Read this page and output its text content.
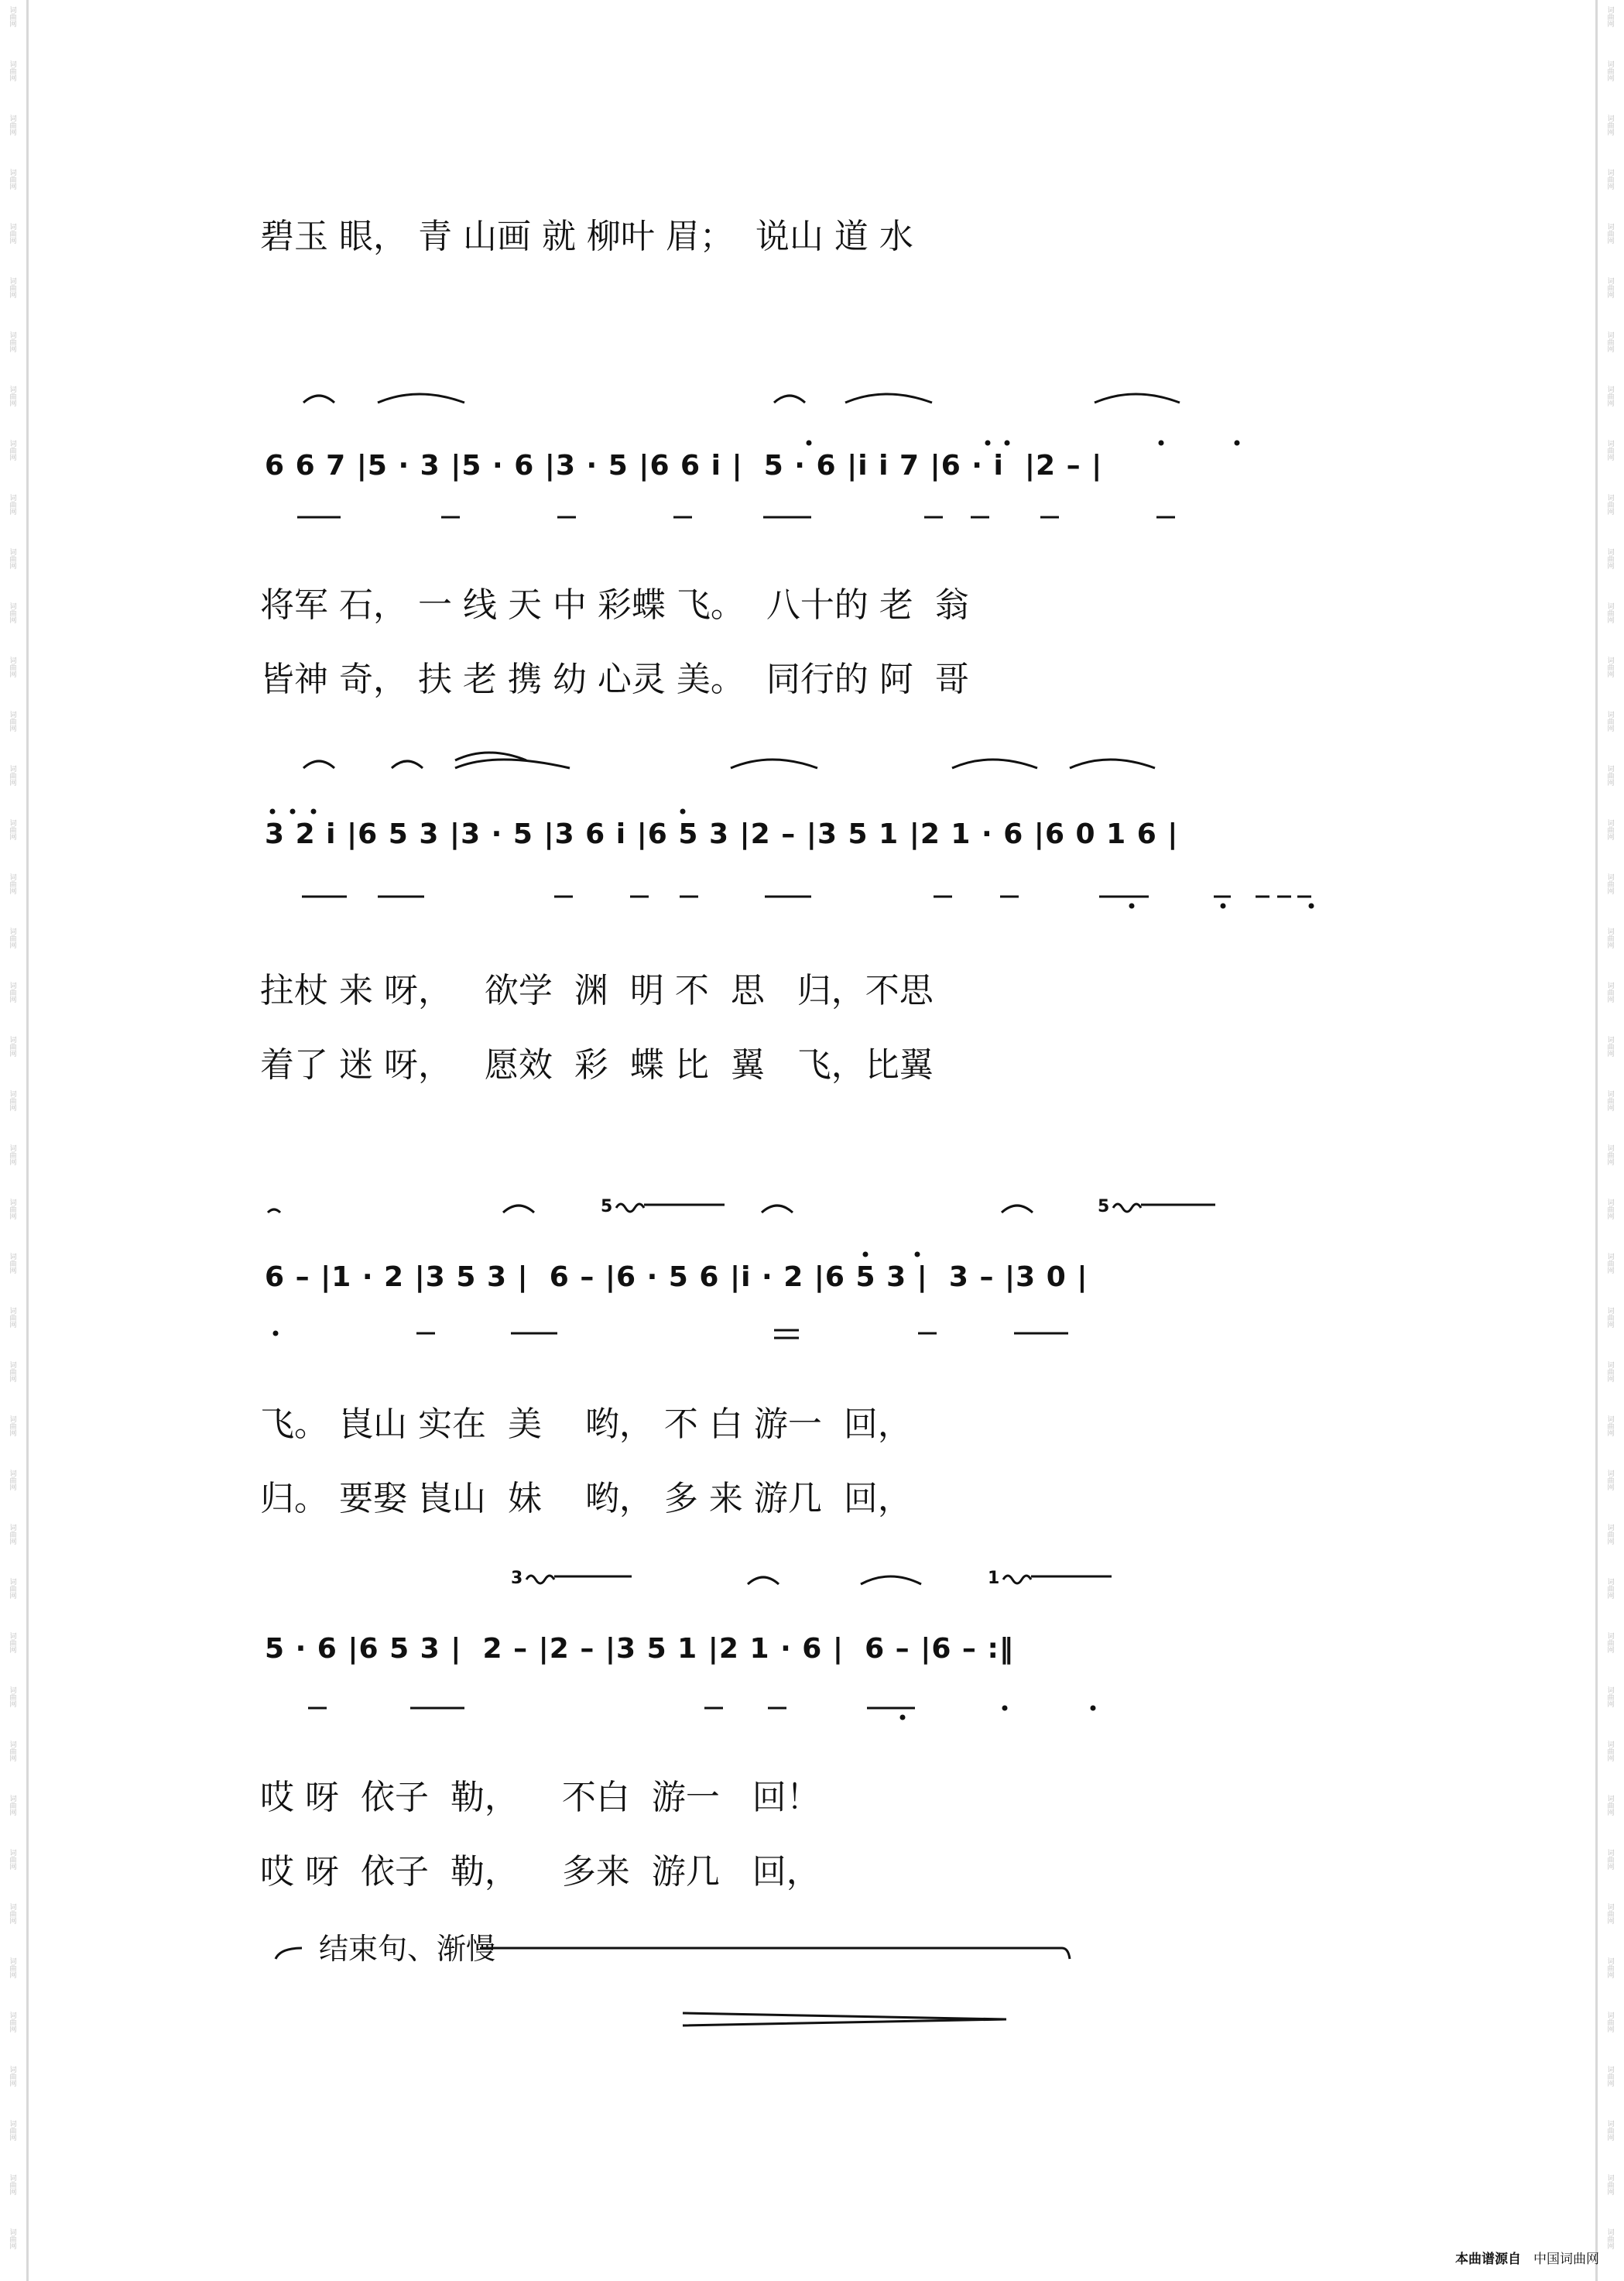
词
曲
网
词
曲
网
词
曲
网
词
曲
网
词
曲
网
词
曲
网
词
曲
网
词
曲
网
词
曲
网
词
曲
网
词
曲
网
词
曲
网
词
曲
网
词
曲
网
词
曲
网
词
曲
网
词
曲
网
词
曲
网
词
曲
网
词
曲
网
词
曲
网
词
曲
网
词
曲
网
词
曲
网
词
曲
网
词
曲
网
词
曲
网
词
曲
网
词
曲
网
词
曲
网
词
曲
网
词
曲
网
词
曲
网
词
曲
网
词
曲
网
词
曲
网
词
曲
网
词
曲
网
词
曲
网
词
曲
网
词
曲
网
词
曲
网
词
曲
网
词
曲
网
词
曲
网
词
曲
网
词
曲
网
词
曲
网
词
曲
网
词
曲
网
词
曲
网
词
曲
网
词
曲
网
词
曲
网
词
曲
网
词
曲
网
词
曲
网
词
曲
网
词
曲
网
词
曲
网
词
曲
网
词
曲
网
词
曲
网
词
曲
网
词
曲
网
词
曲
网
词
曲
网
词
曲
网
词
曲
网
词
曲
网
词
曲
网
词
曲
网
词
曲
网
词
曲
网
词
曲
网
词
曲
网
词
曲
网
词
曲
网
词
曲
网
词
曲
网
词
曲
网
词
曲
网
词
曲
网
词
曲
网
碧玉 眼， 青 山画 就 柳叶 眉；  说山 道 水
6 6 7 |5 · 3 |5 · 6 |3 · 5 |6 6 i |  5 · 6 |i i 7 |6 · i  |2 – |
将军 石， 一 线 天 中 彩蝶 飞。  八十的 老  翁
皆神 奇， 扶 老 携 幼 心灵 美。  同行的 阿  哥
3 2 i |6 5 3 |3 · 5 |3 6 i |6 5 3 |2 – |3 5 1 |2 1 · 6 |6 0 1 6 |
拄杖 来 呀，   欲学  渊  明 不  思   归，不思
着了 迷 呀，   愿效  彩  蝶 比  翼   飞，比翼
6 – |1 · 2 |3 5 3 |  6 – |6 · 5 6 |i · 2 |6 5 3 |  3 – |3 0 |
飞。 崀山 实在  美    哟， 不 白 游一  回，
归。 要娶 崀山  妹    哟， 多 来 游几  回，
5 · 6 |6 5 3 |  2 – |2 – |3 5 1 |2 1 · 6 |  6 – |6 – :‖
哎 呀  依子  勒，    不白  游一   回！
哎 呀  依子  勒，    多来  游几   回，
5	5
3	1
结束句、渐慢

本曲谱源自 中国词曲网
